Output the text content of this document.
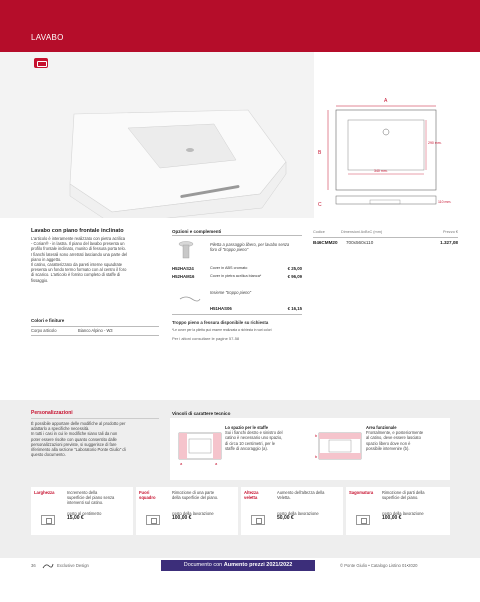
LAVABO
A
B
290 mm.
340 mm.
C	110 mm.
Lavabo con piano frontale inclinato
L'articolo è interamente realizzato con pietra acrilica
- Corian® - in lastra. Il piano del lavabo presenta un
profilo frontale inclinato, munito di fessura porta telo.
I fianchi laterali sono arretrati lasciando una parte del
piano in aggetto.
Il catino, caratterizzato da pareti interne squadrate
presenta un fondo termo formato con al centro il foro
di scarico. L'articolo è fornito completo di staffe di
fissaggio.
Colori e finiture
Corpo articolo	Bianco Alpino - W3
Opzioni e complementi
Piletta a passaggio libero, per lavabo senza
foro di "troppo pieno"
H52HAS24	Cover in ABS cromato	€ 25,00
H52HAM16	Cover in pietra acrilica bianca*	€ 96,09
Insieme "troppo pieno"
H51HAS06	€ 16,15
Troppo pieno a fessura disponibile su richiesta
*Le cover per la piletta può essere realizzata a richiesta in vari colori
Per i altoni consultare le pagine 57-58
Codice	Dimensioni AxBxC (mm)	Prezzo €
B46CMM20 700x560x110	1.327,08
Personalizzazioni
È possibile apportare delle modifiche al prodotto per
adattarlo a specifiche necessità.
In tutti i casi in cui le modifiche siano tali da non
poter essere risolte con quanto consentito dalle
personalizzazioni previste, si suggerisce di fare
riferimento alla sezione "Laboratorio Ponte Giulio" di
questo documento.
Vincoli di carattere tecnico
a	a
Lo spazio per le staffe
Sui i fianchi destro e sinistro del
catino è necessario uno spazio,
di circa 10 centimetri, per le
staffe di ancoraggio (a).
b
b
Area funzionale
Frontalmente, e posteriormente
al catino, deve essere lasciato
spazio libero dove non è
possibile intervenire (b).
Larghezza	Incremento della
superficie del piano senza
interventi sul catino.
costo al centimetro
15,00 €
Fuori squadro
Rimozione di una parte
della superficie del piano.
costo della lavorazione
100,00 €
Altezza veletta
Aumento dell'altezza della
Veletta.
costo della lavorazione
50,00 €
Sagomatura Rimozione di parti della
superficie del piano.
costo della lavorazione
100,00 €
36	Exclusive Design	Documento con Aumento prezzi 2021/2022	© Ponte Giulio • Catalogo Listino 01•2020
